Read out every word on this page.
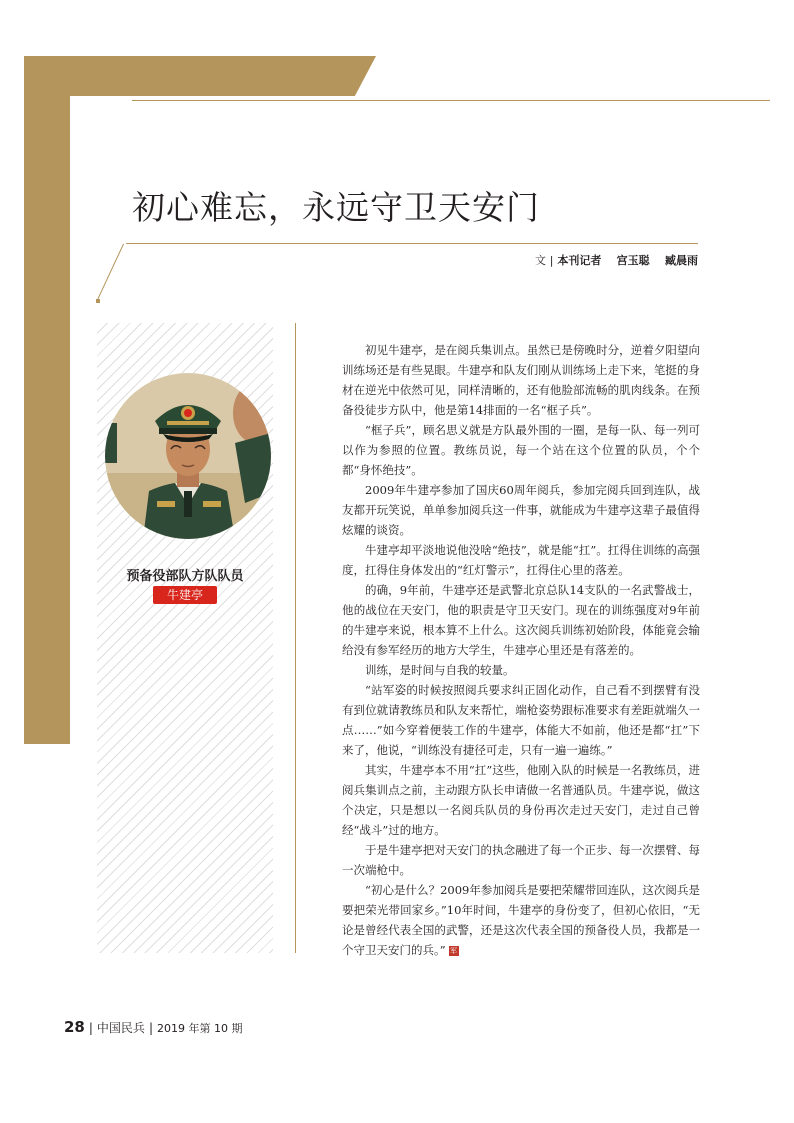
初心难忘，永远守卫天安门
文 | 本刊记者 宫玉聪 臧晨雨
预备役部队方队队员
牛建亭

初见牛建亭，是在阅兵集训点。虽然已是傍晚时分，逆着夕阳望向训练场还是有些晃眼。牛建亭和队友们刚从训练场上走下来，笔挺的身材在逆光中依然可见，同样清晰的，还有他脸部流畅的肌肉线条。在预备役徒步方队中，他是第14排面的一名“框子兵”。

“框子兵”，顾名思义就是方队最外围的一圈，是每一队、每一列可以作为参照的位置。教练员说，每一个站在这个位置的队员，个个都“身怀绝技”。

2009年牛建亭参加了国庆60周年阅兵，参加完阅兵回到连队，战友都开玩笑说，单单参加阅兵这一件事，就能成为牛建亭这辈子最值得炫耀的谈资。

牛建亭却平淡地说他没啥“绝技”，就是能“扛”。扛得住训练的高强度，扛得住身体发出的“红灯警示”，扛得住心里的落差。

的确，9年前，牛建亭还是武警北京总队14支队的一名武警战士，他的战位在天安门，他的职责是守卫天安门。现在的训练强度对9年前的牛建亭来说，根本算不上什么。这次阅兵训练初始阶段，体能竟会输给没有参军经历的地方大学生，牛建亭心里还是有落差的。

训练，是时间与自我的较量。

“站军姿的时候按照阅兵要求纠正固化动作，自己看不到摆臂有没有到位就请教练员和队友来帮忙，端枪姿势跟标准要求有差距就端久一点……”如今穿着便装工作的牛建亭，体能大不如前，他还是都“扛”下来了，他说，“训练没有捷径可走，只有一遍一遍练。”

其实，牛建亭本不用“扛”这些，他刚入队的时候是一名教练员，进阅兵集训点之前，主动跟方队长申请做一名普通队员。牛建亭说，做这个决定，只是想以一名阅兵队员的身份再次走过天安门，走过自己曾经“战斗”过的地方。

于是牛建亭把对天安门的执念融进了每一个正步、每一次摆臂、每一次端枪中。

“初心是什么？2009年参加阅兵是要把荣耀带回连队，这次阅兵是要把荣光带回家乡。”10年时间，牛建亭的身份变了，但初心依旧，“无论是曾经代表全国的武警，还是这次代表全国的预备役人员，我都是一个守卫天安门的兵。” 军

28 | 中国民兵 | 2019 年第 10 期
